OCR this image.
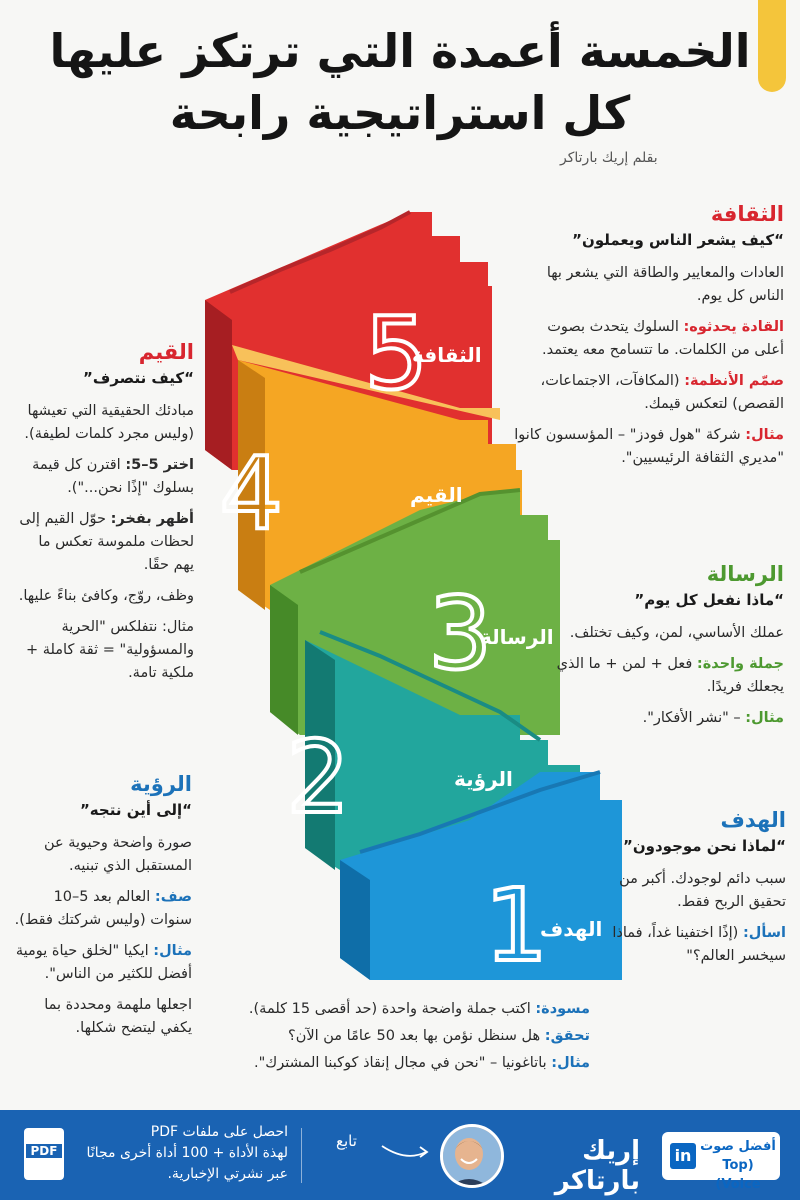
الخمسة أعمدة التي ترتكز عليها
كل استراتيجية رابحة
بقلم إريك بارتاكر
5
الثقافة
4	القيم
3
الرسالة
2	الرؤية
1
الهدف
الثقافة
“كيف يشعر الناس ويعملون”

العادات والمعايير والطاقة التي يشعر بها الناس كل يوم.

القادة يحدثوه: السلوك يتحدث بصوت أعلى من الكلمات. ما تتسامح معه يعتمد.

صمّم الأنظمة: (المكافآت، الاجتماعات، القصص) لتعكس قيمك.

مثال: شركة "هول فودز" – المؤسسون كانوا "مديري الثقافة الرئيسيين".

القيم
“كيف نتصرف”

مبادئك الحقيقية التي تعيشها (وليس مجرد كلمات لطيفة).

اختر 5–5: اقترن كل قيمة بسلوك "إذًا نحن...").

أظهر بفخر: حوّل القيم إلى لحظات ملموسة تعكس ما يهم حقًا.

وظف، روّج، وكافئ بناءً عليها.

مثال: نتفلكس "الحرية والمسؤولية" = ثقة كاملة + ملكية تامة.

الرسالة
“ماذا نفعل كل يوم”

عملك الأساسي، لمن، وكيف تختلف.

جملة واحدة: فعل + لمن + ما الذي يجعلك فريدًا.

مثال: – "نشر الأفكار".

الرؤية
“إلى أين نتجه”

صورة واضحة وحيوية عن المستقبل الذي تبنيه.

صف: العالم بعد 5–10 سنوات (وليس شركتك فقط).

مثال: ايكيا "لخلق حياة يومية أفضل للكثير من الناس".

اجعلها ملهمة ومحددة بما يكفي ليتضح شكلها.

الهدف
“لماذا نحن موجودون”

سبب دائم لوجودك. أكبر من تحقيق الربح فقط.

اسأل: (إذًا اختفينا غداً، فماذا سيخسر العالم؟"

مسودة: اكتب جملة واضحة واحدة (حد أقصى 15 كلمة).
تحقق: هل سنظل نؤمن بها بعد 50 عامًا من الآن؟
مثال: باتاغونيا – "نحن في مجال إنقاذ كوكبنا المشترك".
PDF
احصل على ملفات PDF
لهذة الأداة + 100 أداة أخرى مجانًا
عبر نشرتي الإخبارية.
تابع	إريك بارتاكر
in أفضل صوت
(Top Voice)
